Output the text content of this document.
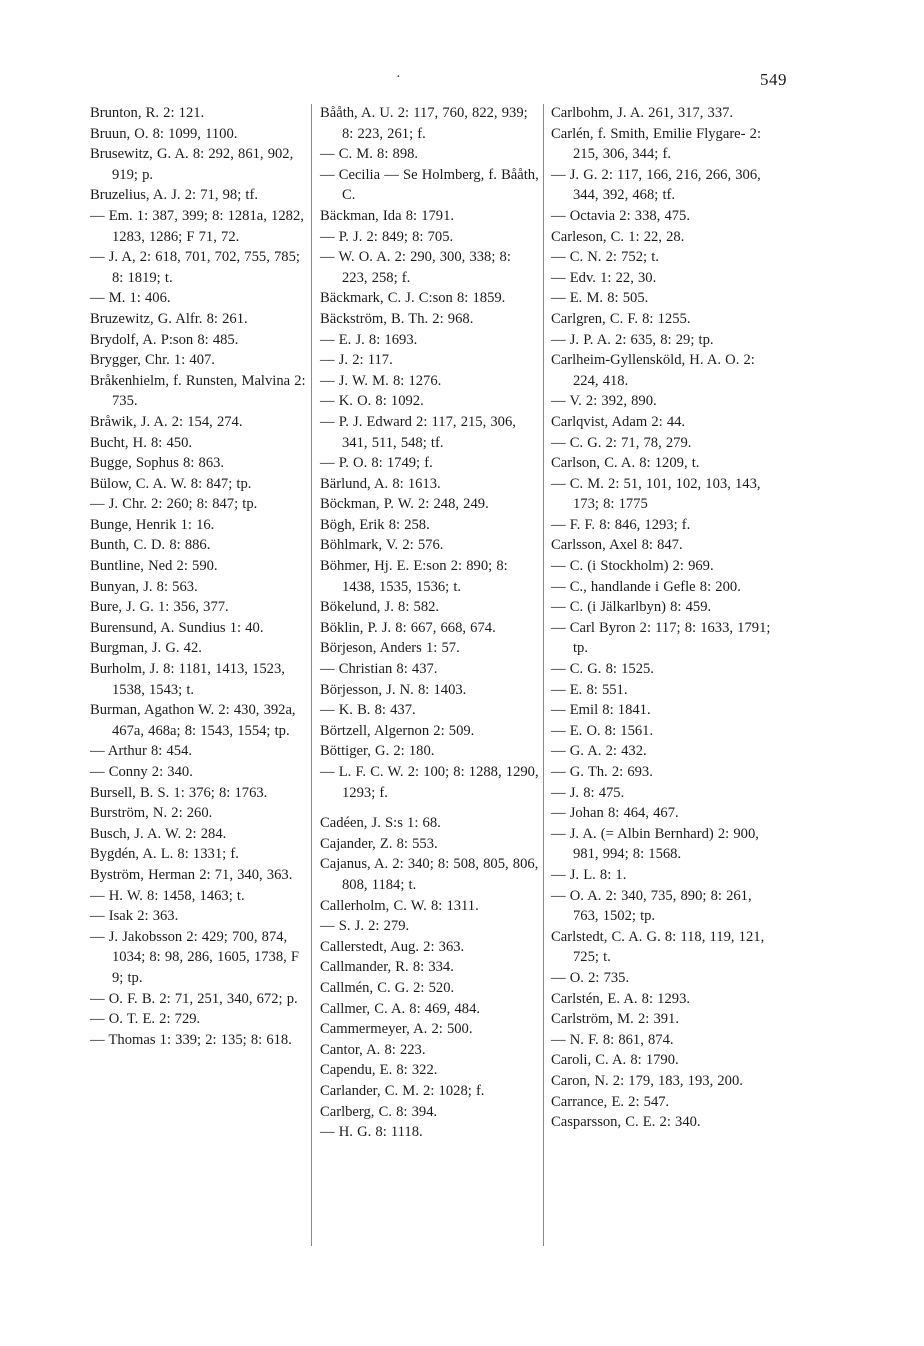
·	549
Brunton, R. 2: 121.
Bruun, O. 8: 1099, 1100.
Brusewitz, G. A. 8: 292, 861, 902, 919; p.
Bruzelius, A. J. 2: 71, 98; tf.
— Em. 1: 387, 399; 8: 1281a, 1282, 1283, 1286; F 71, 72.
— J. A, 2: 618, 701, 702, 755, 785; 8: 1819; t.
— M. 1: 406.
Bruzewitz, G. Alfr. 8: 261.
Brydolf, A. P:son 8: 485.
Brygger, Chr. 1: 407.
Bråkenhielm, f. Runsten, Malvina 2: 735.
Bråwik, J. A. 2: 154, 274.
Bucht, H. 8: 450.
Bugge, Sophus 8: 863.
Bülow, C. A. W. 8: 847; tp.
— J. Chr. 2: 260; 8: 847; tp.
Bunge, Henrik 1: 16.
Bunth, C. D. 8: 886.
Buntline, Ned 2: 590.
Bunyan, J. 8: 563.
Bure, J. G. 1: 356, 377.
Burensund, A. Sundius 1: 40.
Burgman, J. G. 42.
Burholm, J. 8: 1181, 1413, 1523, 1538, 1543; t.
Burman, Agathon W. 2: 430, 392a, 467a, 468a; 8: 1543, 1554; tp.
— Arthur 8: 454.
— Conny 2: 340.
Bursell, B. S. 1: 376; 8: 1763.
Burström, N. 2: 260.
Busch, J. A. W. 2: 284.
Bygdén, A. L. 8: 1331; f.
Byström, Herman 2: 71, 340, 363.
— H. W. 8: 1458, 1463; t.
— Isak 2: 363.
— J. Jakobsson 2: 429; 700, 874, 1034; 8: 98, 286, 1605, 1738, F 9; tp.
— O. F. B. 2: 71, 251, 340, 672; p.
— O. T. E. 2: 729.
— Thomas 1: 339; 2: 135; 8: 618.
Bååth, A. U. 2: 117, 760, 822, 939; 8: 223, 261; f.
— C. M. 8: 898.
— Cecilia — Se Holmberg, f. Bååth, C.
Bäckman, Ida 8: 1791.
— P. J. 2: 849; 8: 705.
— W. O. A. 2: 290, 300, 338; 8: 223, 258; f.
Bäckmark, C. J. C:son 8: 1859.
Bäckström, B. Th. 2: 968.
— E. J. 8: 1693.
— J. 2: 117.
— J. W. M. 8: 1276.
— K. O. 8: 1092.
— P. J. Edward 2: 117, 215, 306, 341, 511, 548; tf.
— P. O. 8: 1749; f.
Bärlund, A. 8: 1613.
Böckman, P. W. 2: 248, 249.
Bögh, Erik 8: 258.
Böhlmark, V. 2: 576.
Böhmer, Hj. E. E:son 2: 890; 8: 1438, 1535, 1536; t.
Bökelund, J. 8: 582.
Böklin, P. J. 8: 667, 668, 674.
Börjeson, Anders 1: 57.
— Christian 8: 437.
Börjesson, J. N. 8: 1403.
— K. B. 8: 437.
Börtzell, Algernon 2: 509.
Böttiger, G. 2: 180.
— L. F. C. W. 2: 100; 8: 1288, 1290, 1293; f.
Cadéen, J. S:s 1: 68.
Cajander, Z. 8: 553.
Cajanus, A. 2: 340; 8: 508, 805, 806, 808, 1184; t.
Callerholm, C. W. 8: 1311.
— S. J. 2: 279.
Callerstedt, Aug. 2: 363.
Callmander, R. 8: 334.
Callmén, C. G. 2: 520.
Callmer, C. A. 8: 469, 484.
Cammermeyer, A. 2: 500.
Cantor, A. 8: 223.
Capendu, E. 8: 322.
Carlander, C. M. 2: 1028; f.
Carlberg, C. 8: 394.
— H. G. 8: 1118.
Carlbohm, J. A. 261, 317, 337.
Carlén, f. Smith, Emilie Flygare- 2: 215, 306, 344; f.
— J. G. 2: 117, 166, 216, 266, 306, 344, 392, 468; tf.
— Octavia 2: 338, 475.
Carleson, C. 1: 22, 28.
— C. N. 2: 752; t.
— Edv. 1: 22, 30.
— E. M. 8: 505.
Carlgren, C. F. 8: 1255.
— J. P. A. 2: 635, 8: 29; tp.
Carlheim-Gyllensköld, H. A. O. 2: 224, 418.
— V. 2: 392, 890.
Carlqvist, Adam 2: 44.
— C. G. 2: 71, 78, 279.
Carlson, C. A. 8: 1209, t.
— C. M. 2: 51, 101, 102, 103, 143, 173; 8: 1775
— F. F. 8: 846, 1293; f.
Carlsson, Axel 8: 847.
— C. (i Stockholm) 2: 969.
— C., handlande i Gefle 8: 200.
— C. (i Jälkarlbyn) 8: 459.
— Carl Byron 2: 117; 8: 1633, 1791; tp.
— C. G. 8: 1525.
— E. 8: 551.
— Emil 8: 1841.
— E. O. 8: 1561.
— G. A. 2: 432.
— G. Th. 2: 693.
— J. 8: 475.
— Johan 8: 464, 467.
— J. A. (= Albin Bernhard) 2: 900, 981, 994; 8: 1568.
— J. L. 8: 1.
— O. A. 2: 340, 735, 890; 8: 261, 763, 1502; tp.
Carlstedt, C. A. G. 8: 118, 119, 121, 725; t.
— O. 2: 735.
Carlstén, E. A. 8: 1293.
Carlström, M. 2: 391.
— N. F. 8: 861, 874.
Caroli, C. A. 8: 1790.
Caron, N. 2: 179, 183, 193, 200.
Carrance, E. 2: 547.
Casparsson, C. E. 2: 340.
